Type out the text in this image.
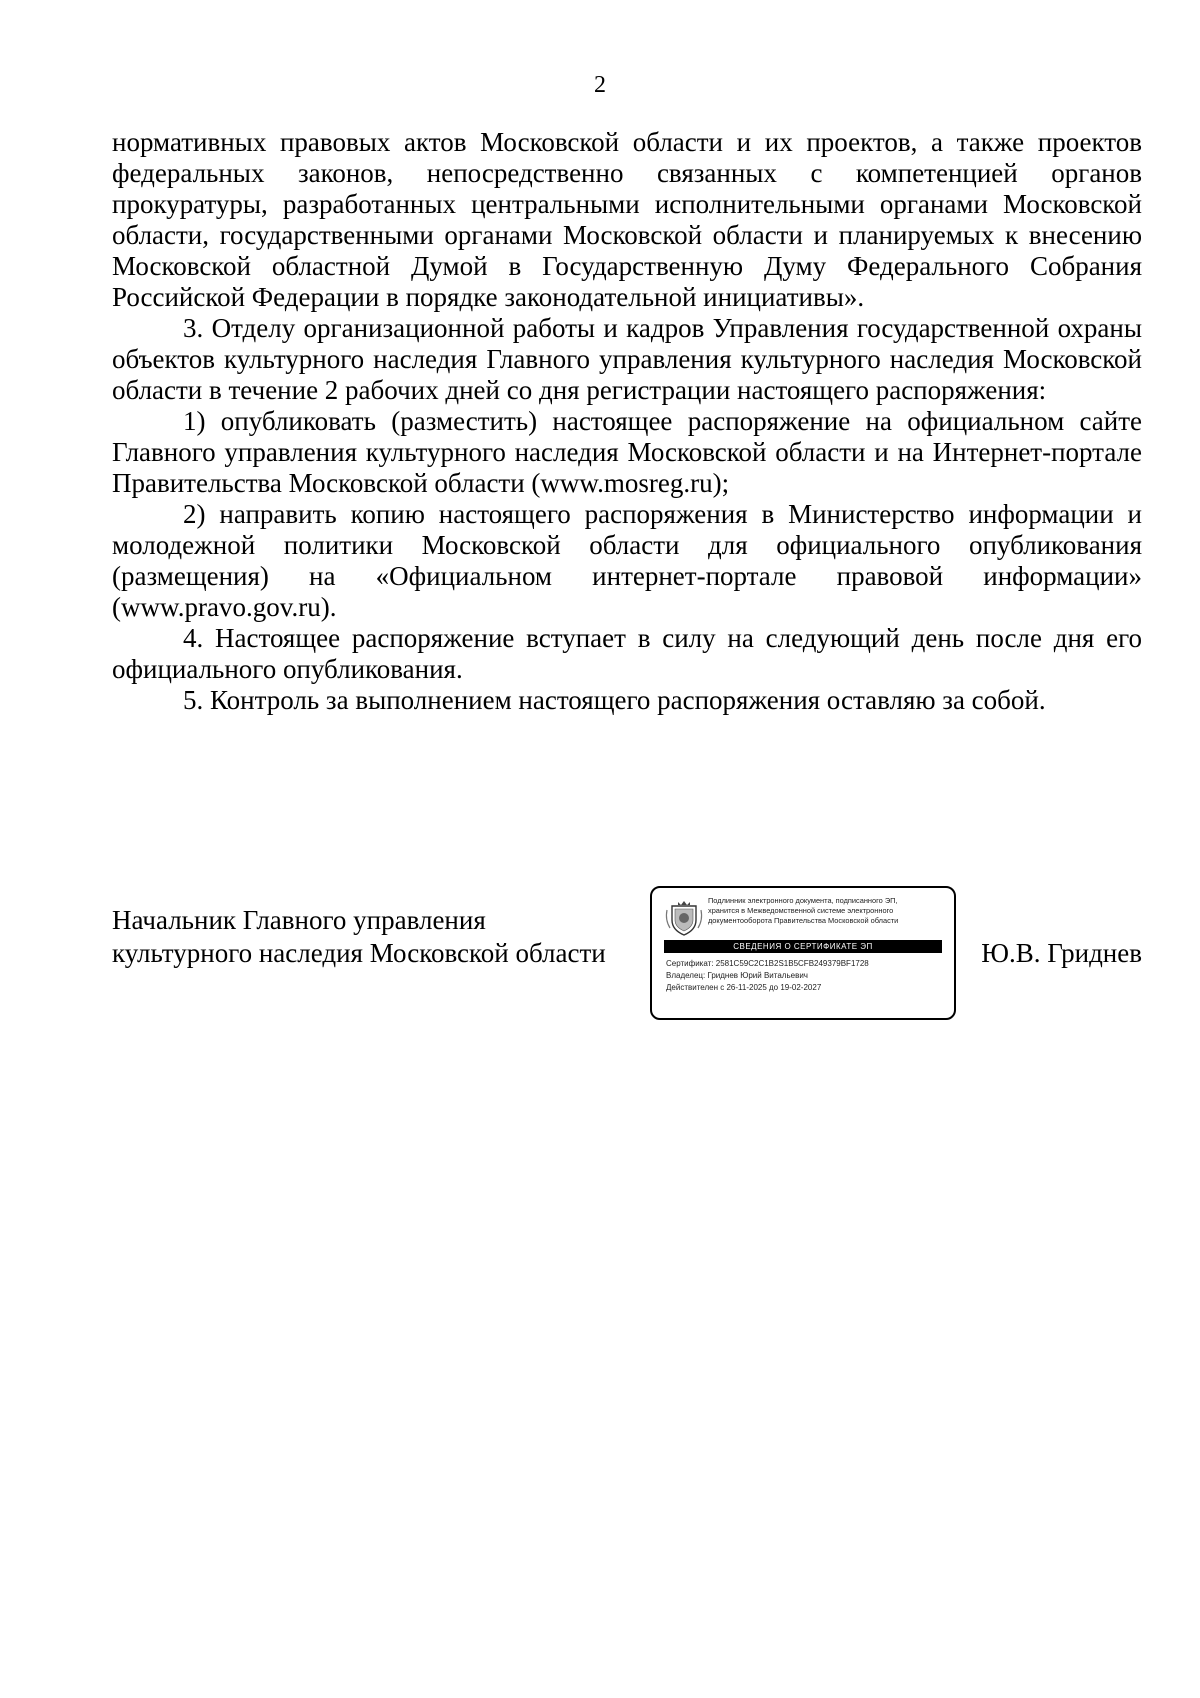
2

нормативных правовых актов Московской области и их проектов, а также проектов федеральных законов, непосредственно связанных с компетенцией органов прокуратуры, разработанных центральными исполнительными органами Московской области, государственными органами Московской области и планируемых к внесению Московской областной Думой в Государственную Думу Федерального Собрания Российской Федерации в порядке законодательной инициативы».

3. Отделу организационной работы и кадров Управления государственной охраны объектов культурного наследия Главного управления культурного наследия Московской области в течение 2 рабочих дней со дня регистрации настоящего распоряжения:

1) опубликовать (разместить) настоящее распоряжение на официальном сайте Главного управления культурного наследия Московской области и на Интернет-портале Правительства Московской области (www.mosreg.ru);

2) направить копию настоящего распоряжения в Министерство информации и молодежной политики Московской области для официального опубликования (размещения) на «Официальном интернет-портале правовой информации» (www.pravo.gov.ru).

4. Настоящее распоряжение вступает в силу на следующий день после дня его официального опубликования.

5. Контроль за выполнением настоящего распоряжения оставляю за собой.

Начальник Главного управления
культурного наследия Московской области
Подлинник электронного документа, подписанного ЭП,
хранится в Межведомственной системе электронного
документооборота Правительства Московской области
СВЕДЕНИЯ О СЕРТИФИКАТЕ ЭП
Сертификат: 2581C59C2C1B2S1B5CFB249379BF1728
Владелец: Гриднев Юрий Витальевич
Действителен с 26-11-2025 до 19-02-2027
Ю.В. Гриднев
